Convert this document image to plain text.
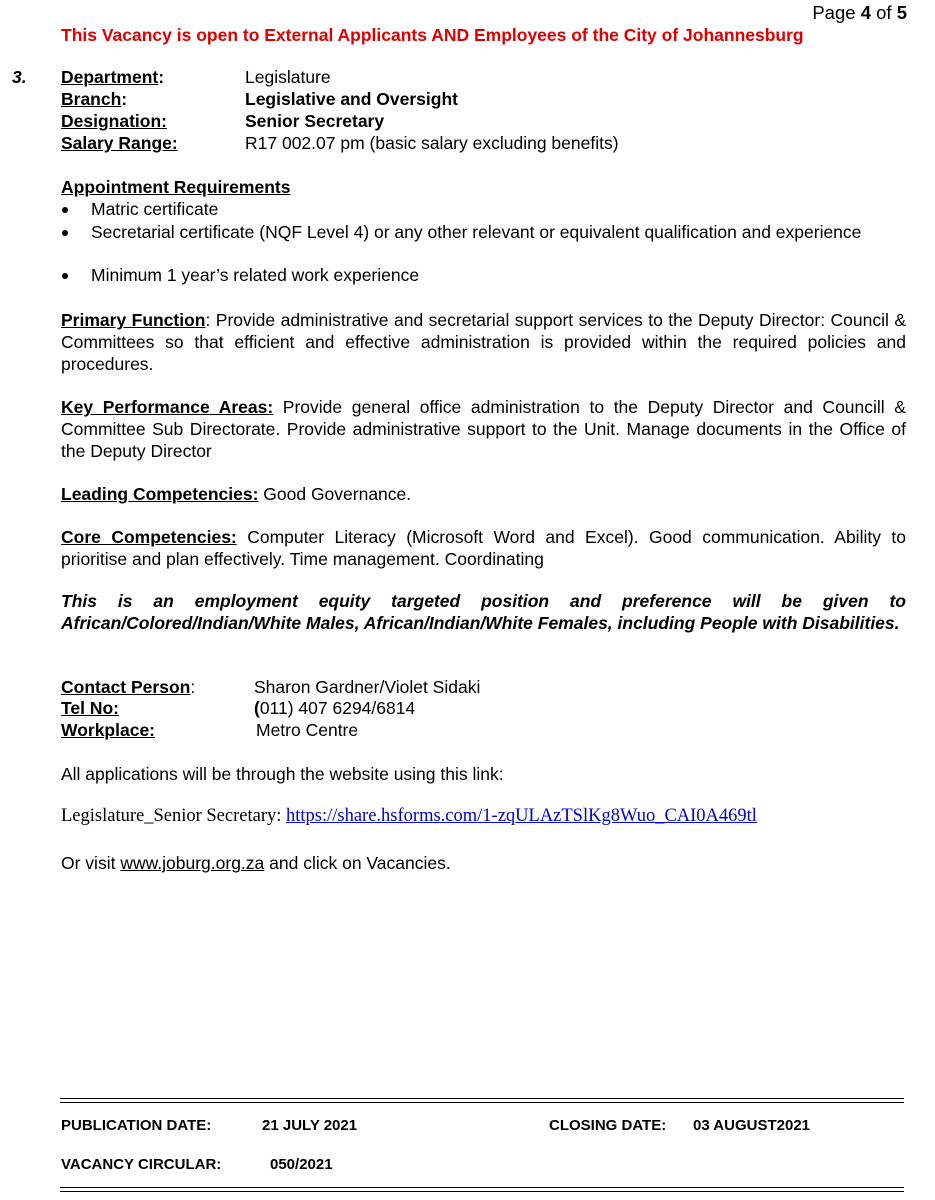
Page 4 of 5
This Vacancy is open to External Applicants AND Employees of the City of Johannesburg
3. Department:	Legislature
Branch:	Legislative and Oversight
Designation:	Senior Secretary
Salary Range:	R17 002.07 pm (basic salary excluding benefits)
Appointment Requirements
Matric certificate
Secretarial certificate (NQF Level 4) or any other relevant or equivalent qualification and experience
Minimum 1 year’s related work experience
Primary Function: Provide administrative and secretarial support services to the Deputy Director: Council & Committees so that efficient and effective administration is provided within the required policies and procedures.
Key Performance Areas: Provide general office administration to the Deputy Director and Councill & Committee Sub Directorate. Provide administrative support to the Unit. Manage documents in the Office of the Deputy Director
Leading Competencies: Good Governance.
Core Competencies: Computer Literacy (Microsoft Word and Excel). Good communication. Ability to prioritise and plan effectively. Time management. Coordinating
This is an employment equity targeted position and preference will be given to African/Colored/Indian/White Males, African/Indian/White Females, including People with Disabilities.
Contact Person:	Sharon Gardner/Violet Sidaki
Tel No:	(011) 407 6294/6814
Workplace:	Metro Centre
All applications will be through the website using this link:
Legislature_Senior Secretary: https://share.hsforms.com/1-zqULAzTSlKg8Wuo_CAI0A469tl
Or visit www.joburg.org.za and click on Vacancies.
PUBLICATION DATE:	21 JULY 2021	CLOSING DATE: 03 AUGUST2021
VACANCY CIRCULAR:	050/2021
